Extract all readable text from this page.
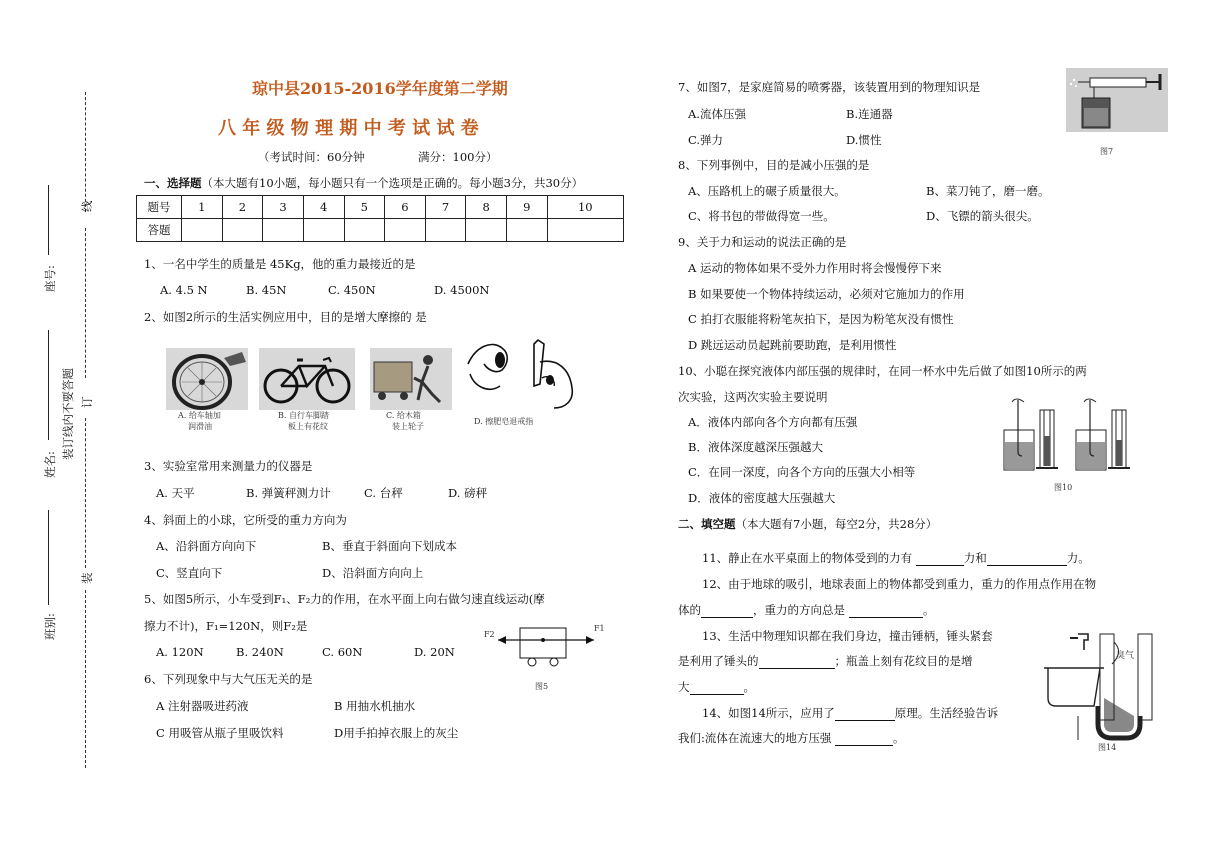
线
订
装
装订线内不要答题
座号:
姓名:
班别:
琼中县2015-2016学年度第二学期
八 年 级 物 理 期 中 考 试 试 卷
（考试时间：60分钟	满分：100分）
一、选择题（本大题有10小题，每小题只有一个选项是正确的。每小题3分，共30分）
题号	1	2	3	4	5	6	7	8	9	10
答题										
1、一名中学生的质量是 45Kg，他的重力最接近的是
A. 4.5 N	B. 45N	C. 450N	D. 4500N
2、如图2所示的生活实例应用中，目的是增大摩擦的 是
A. 给车轴加
润滑油
B. 自行车脚踏
板上有花纹
C. 给木箱
装上轮子
D. 擦肥皂退戒指
3、实验室常用来测量力的仪器是
A. 天平	B. 弹簧秤测力计	C. 台秤	D. 磅秤
4、斜面上的小球，它所受的重力方向为
A、沿斜面方向向下	B、垂直于斜面向下划成本
C、竖直向下	D、沿斜面方向向上
5、如图5所示，小车受到F₁、F₂力的作用，在水平面上向右做匀速直线运动(摩
擦力不计)，F₁=120N，则F₂是
A. 120N	B. 240N	C. 60N	D. 20N
F2
F1
图5
6、下列现象中与大气压无关的是
A 注射器吸进药液	B 用抽水机抽水
C 用吸管从瓶子里吸饮料	D用手拍掉衣服上的灰尘
7、如图7，是家庭简易的喷雾器，该装置用到的物理知识是
A.流体压强	B.连通器
C.弹力	D.惯性
图7
8、下列事例中，目的是减小压强的是
A、压路机上的碾子质量很大。	B、菜刀钝了，磨一磨。
C、将书包的带做得宽一些。	D、飞镖的箭头很尖。
9、关于力和运动的说法正确的是
A 运动的物体如果不受外力作用时将会慢慢停下来
B 如果要使一个物体持续运动，必须对它施加力的作用
C 拍打衣服能将粉笔灰拍下，是因为粉笔灰没有惯性
D 跳远运动员起跳前要助跑，是利用惯性
10、小聪在探究液体内部压强的规律时，在同一杯水中先后做了如图10所示的两
次实验，这两次实验主要说明
A．液体内部向各个方向都有压强
B．液体深度越深压强越大
C．在同一深度，向各个方向的压强大小相等
D．液体的密度越大压强越大
图10
二、填空题（本大题有7小题，每空2分，共28分）
11、静止在水平桌面上的物体受到的力有	力和	力。
12、由于地球的吸引，地球表面上的物体都受到重力，重力的作用点作用在物
体的	，重力的方向总是	。
13、生活中物理知识都在我们身边，撞击锤柄，锤头紧套
是利用了锤头的	；瓶盖上刻有花纹目的是增
大	。
14、如图14所示，应用了	原理。生活经验告诉
我们:流体在流速大的地方压强	。
臭气
图14
